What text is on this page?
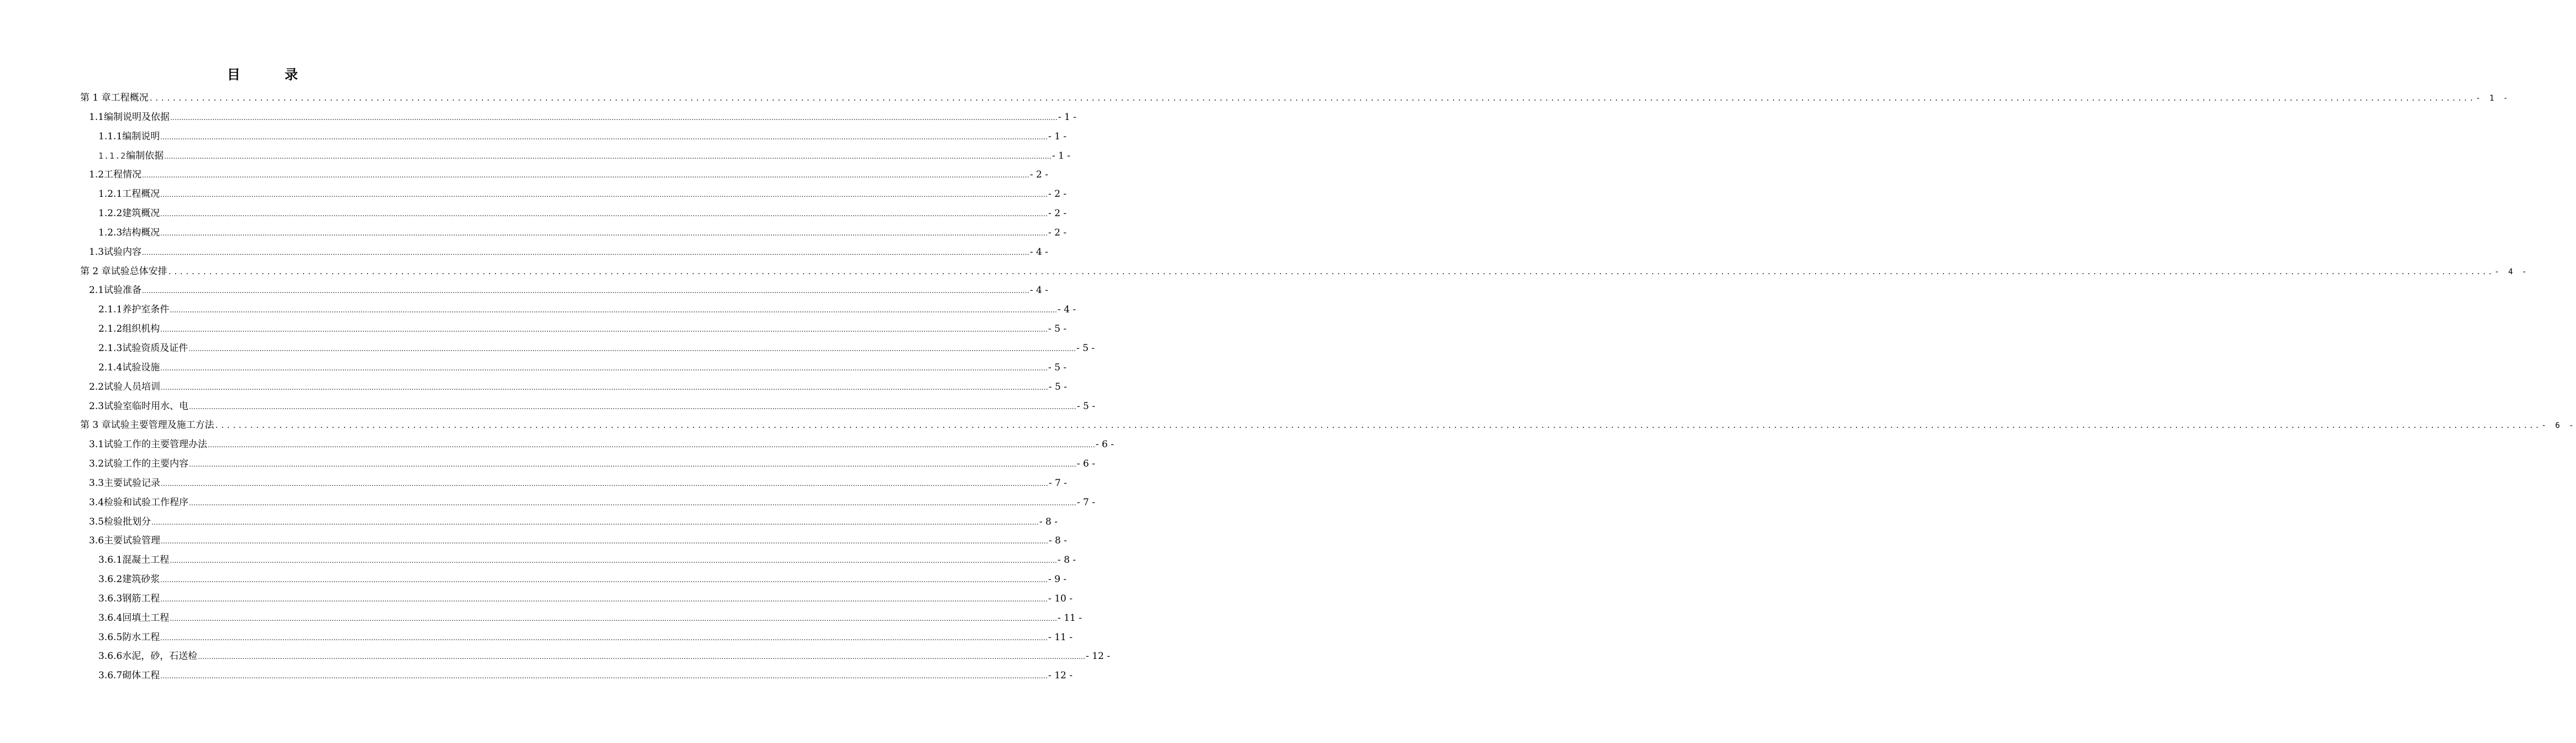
目 录
第 1 章 工程概况 ................................................................................................................................................................................................................................................................................................................................................................................................................ - 1 -
1.1 编制说明及依据 ................................................................................................................................................................................................................................................................................................................................................................................................................ - 1 -
1.1.1 编制说明 ................................................................................................................................................................................................................................................................................................................................................................................................................ - 1 -
1.1.2 编制依据 ................................................................................................................................................................................................................................................................................................................................................................................................................ - 1 -
1.2 工程情况 ................................................................................................................................................................................................................................................................................................................................................................................................................ - 2 -
1.2.1 工程概况 ................................................................................................................................................................................................................................................................................................................................................................................................................ - 2 -
1.2.2 建筑概况 ................................................................................................................................................................................................................................................................................................................................................................................................................ - 2 -
1.2.3 结构概况 ................................................................................................................................................................................................................................................................................................................................................................................................................ - 2 -
1.3 试验内容 ................................................................................................................................................................................................................................................................................................................................................................................................................ - 4 -
第 2 章 试验总体安排 ................................................................................................................................................................................................................................................................................................................................................................................................................ - 4 -
2.1 试验准备 ................................................................................................................................................................................................................................................................................................................................................................................................................ - 4 -
2.1.1 养护室条件 ................................................................................................................................................................................................................................................................................................................................................................................................................ - 4 -
2.1.2 组织机构 ................................................................................................................................................................................................................................................................................................................................................................................................................ - 5 -
2.1.3 试验资质及证件 ................................................................................................................................................................................................................................................................................................................................................................................................................ - 5 -
2.1.4 试验设施 ................................................................................................................................................................................................................................................................................................................................................................................................................ - 5 -
2.2 试验人员培训 ................................................................................................................................................................................................................................................................................................................................................................................................................ - 5 -
2.3 试验室临时用水、电 ................................................................................................................................................................................................................................................................................................................................................................................................................ - 5 -
第 3 章 试验主要管理及施工方法 ................................................................................................................................................................................................................................................................................................................................................................................................................ - 6 -
3.1 试验工作的主要管理办法 ................................................................................................................................................................................................................................................................................................................................................................................................................ - 6 -
3.2 试验工作的主要内容 ................................................................................................................................................................................................................................................................................................................................................................................................................ - 6 -
3.3 主要试验记录 ................................................................................................................................................................................................................................................................................................................................................................................................................ - 7 -
3.4 检验和试验工作程序 ................................................................................................................................................................................................................................................................................................................................................................................................................ - 7 -
3.5 检验批划分 ................................................................................................................................................................................................................................................................................................................................................................................................................ - 8 -
3.6 主要试验管理 ................................................................................................................................................................................................................................................................................................................................................................................................................ - 8 -
3.6.1 混凝土工程 ................................................................................................................................................................................................................................................................................................................................................................................................................ - 8 -
3.6.2 建筑砂浆 ................................................................................................................................................................................................................................................................................................................................................................................................................ - 9 -
3.6.3 钢筋工程 ................................................................................................................................................................................................................................................................................................................................................................................................................ - 10 -
3.6.4 回填土工程 ................................................................................................................................................................................................................................................................................................................................................................................................................ - 11 -
3.6.5 防水工程 ................................................................................................................................................................................................................................................................................................................................................................................................................ - 11 -
3.6.6 水泥，砂，石送检 ................................................................................................................................................................................................................................................................................................................................................................................................................ - 12 -
3.6.7 砌体工程 ................................................................................................................................................................................................................................................................................................................................................................................................................ - 12 -
